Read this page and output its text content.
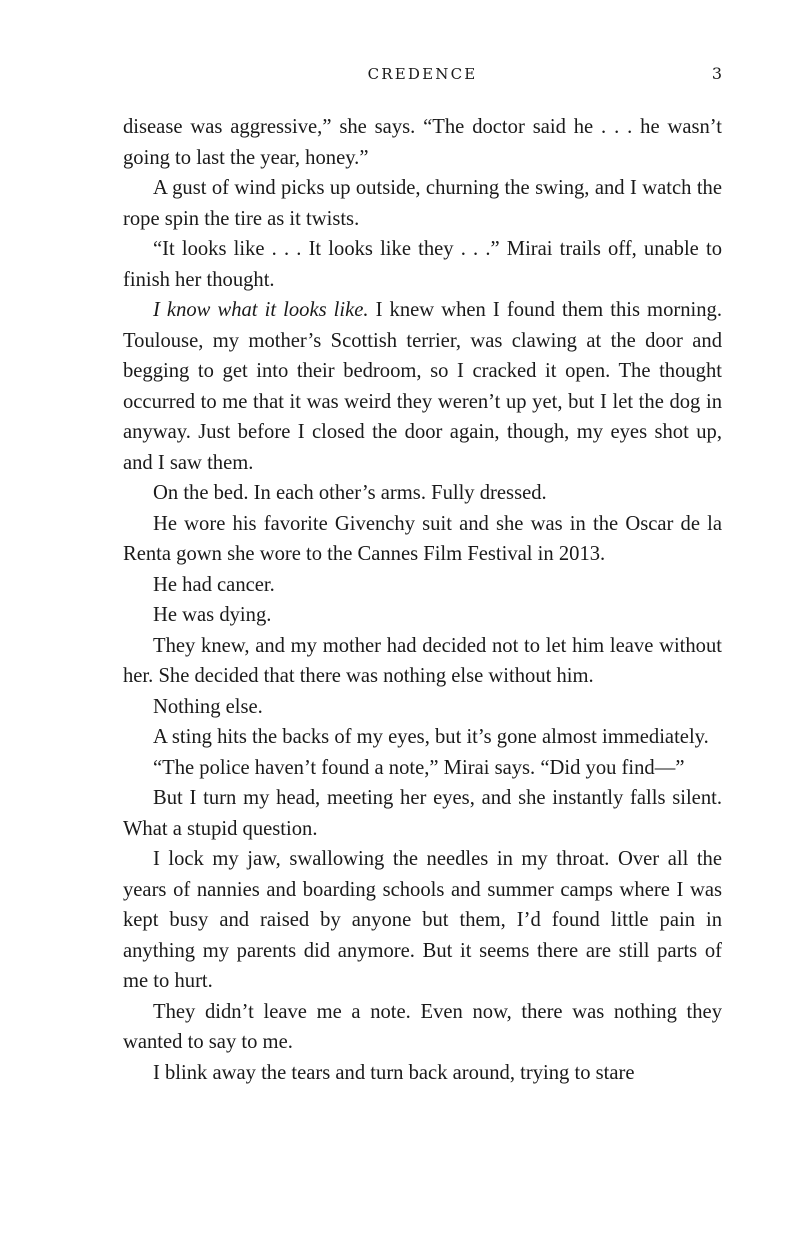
CREDENCE	3

disease was aggressive,” she says. “The doctor said he . . . he wasn’t going to last the year, honey.”

A gust of wind picks up outside, churning the swing, and I watch the rope spin the tire as it twists.

“It looks like . . . It looks like they . . .” Mirai trails off, unable to finish her thought.

I know what it looks like. I knew when I found them this morning. Toulouse, my mother’s Scottish terrier, was clawing at the door and begging to get into their bedroom, so I cracked it open. The thought occurred to me that it was weird they weren’t up yet, but I let the dog in anyway. Just before I closed the door again, though, my eyes shot up, and I saw them.

On the bed. In each other’s arms. Fully dressed.

He wore his favorite Givenchy suit and she was in the Oscar de la Renta gown she wore to the Cannes Film Festival in 2013.

He had cancer.

He was dying.

They knew, and my mother had decided not to let him leave without her. She decided that there was nothing else without him.

Nothing else.

A sting hits the backs of my eyes, but it’s gone almost immediately.

“The police haven’t found a note,” Mirai says. “Did you find—”

But I turn my head, meeting her eyes, and she instantly falls silent. What a stupid question.

I lock my jaw, swallowing the needles in my throat. Over all the years of nannies and boarding schools and summer camps where I was kept busy and raised by anyone but them, I’d found little pain in anything my parents did anymore. But it seems there are still parts of me to hurt.

They didn’t leave me a note. Even now, there was nothing they wanted to say to me.

I blink away the tears and turn back around, trying to stare
